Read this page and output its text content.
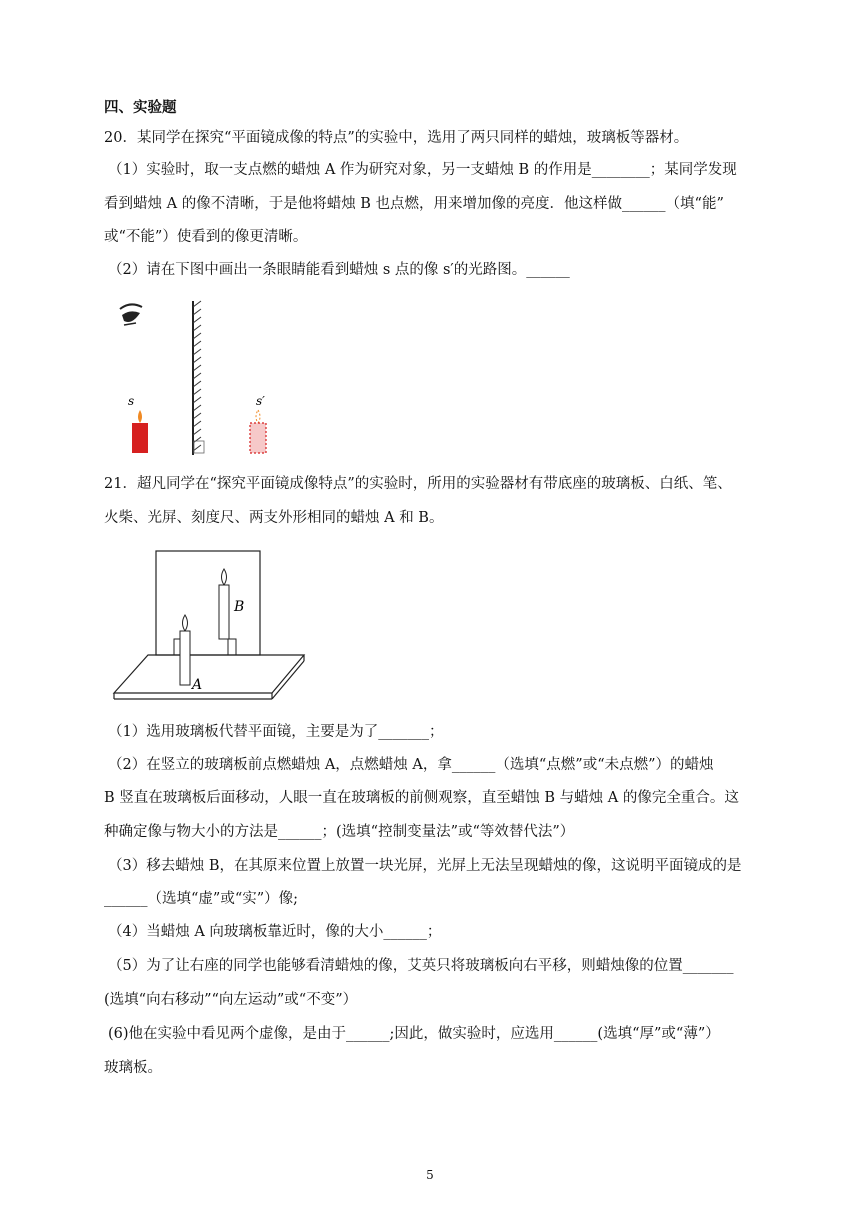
四、实验题
20．某同学在探究“平面镜成像的特点”的实验中，选用了两只同样的蜡烛，玻璃板等器材。
（1）实验时，取一支点燃的蜡烛 A 作为研究对象，另一支蜡烛 B 的作用是________；某同学发现
看到蜡烛 A 的像不清晰，于是他将蜡烛 B 也点燃，用来增加像的亮度．他这样做______（填“能”
或“不能”）使看到的像更清晰。
（2）请在下图中画出一条眼睛能看到蜡烛 s 点的像 s′的光路图。______
s	s′
21．超凡同学在“探究平面镜成像特点”的实验时，所用的实验器材有带底座的玻璃板、白纸、笔、
火柴、光屏、刻度尺、两支外形相同的蜡烛 A 和 B。
B
A
（1）选用玻璃板代替平面镜，主要是为了_______；
（2）在竖立的玻璃板前点燃蜡烛 A，点燃蜡烛 A，拿______（选填“点燃”或“未点燃”）的蜡烛
B 竖直在玻璃板后面移动，人眼一直在玻璃板的前侧观察，直至蜡蚀 B 与蜡烛 A 的像完全重合。这
种确定像与物大小的方法是______；(选填“控制变量法”或“等效替代法”）
（3）移去蜡烛 B，在其原来位置上放置一块光屏，光屏上无法呈现蜡烛的像，这说明平面镜成的是
______（选填“虚”或“实”）像;
（4）当蜡烛 A 向玻璃板靠近时，像的大小______；
（5）为了让右座的同学也能够看清蜡烛的像，艾英只将玻璃板向右平移，则蜡烛像的位置_______
(选填“向右移动”“向左运动”或“不变”）
(6)他在实验中看见两个虚像，是由于______;因此，做实验时，应选用______(选填“厚”或“薄”）
玻璃板。
5
